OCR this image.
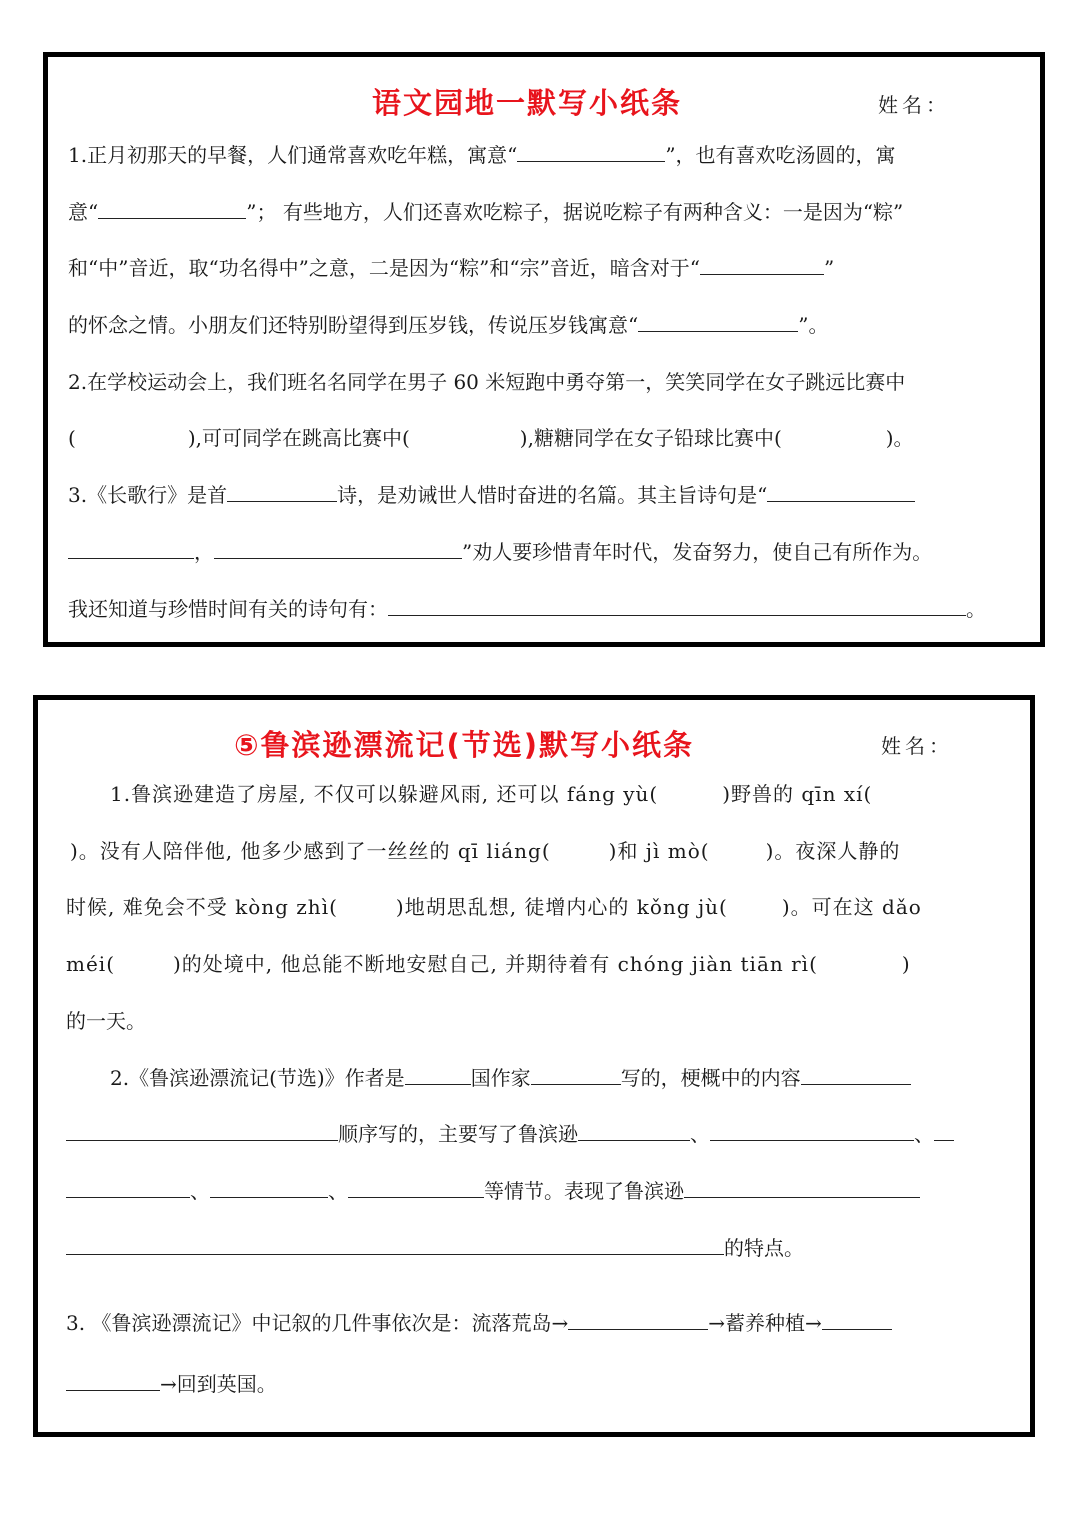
语文园地一默写小纸条	姓名：
1.正月初那天的早餐，人们通常喜欢吃年糕，寓意“	”，也有喜欢吃汤圆的，寓
意“	”； 有些地方，人们还喜欢吃粽子，据说吃粽子有两种含义：一是因为“粽”
和“中”音近，取“功名得中”之意，二是因为“粽”和“宗”音近，暗含对于“	”
的怀念之情。小朋友们还特别盼望得到压岁钱，传说压岁钱寓意“	”。
2.在学校运动会上，我们班名名同学在男子 60 米短跑中勇夺第一，笑笑同学在女子跳远比赛中
(	),可可同学在跳高比赛中(	),糖糖同学在女子铅球比赛中(	)。
3.《长歌行》是首	诗，是劝诫世人惜时奋进的名篇。其主旨诗句是“
，	”劝人要珍惜青年时代，发奋努力，使自己有所作为。
我还知道与珍惜时间有关的诗句有：	。
⑤鲁滨逊漂流记(节选)默写小纸条	姓名：
1.鲁滨逊建造了房屋, 不仅可以躲避风雨, 还可以 fáng yù(	)野兽的 qīn xí(
)。没有人陪伴他, 他多少感到了一丝丝的 qī liáng(	)和 jì mò(	)。夜深人静的
时候, 难免会不受 kòng zhì(	)地胡思乱想, 徒增内心的 kǒng jù(	)。可在这 dǎo
méi(	)的处境中, 他总能不断地安慰自己, 并期待着有 chóng jiàn tiān rì(	)
的一天。
2.《鲁滨逊漂流记(节选)》作者是	国作家	写的，梗概中的内容
顺序写的，主要写了鲁滨逊	、	、
、	、	等情节。表现了鲁滨逊
的特点。
3. 《鲁滨逊漂流记》中记叙的几件事依次是：流落荒岛→	→蓄养种植→
→回到英国。
